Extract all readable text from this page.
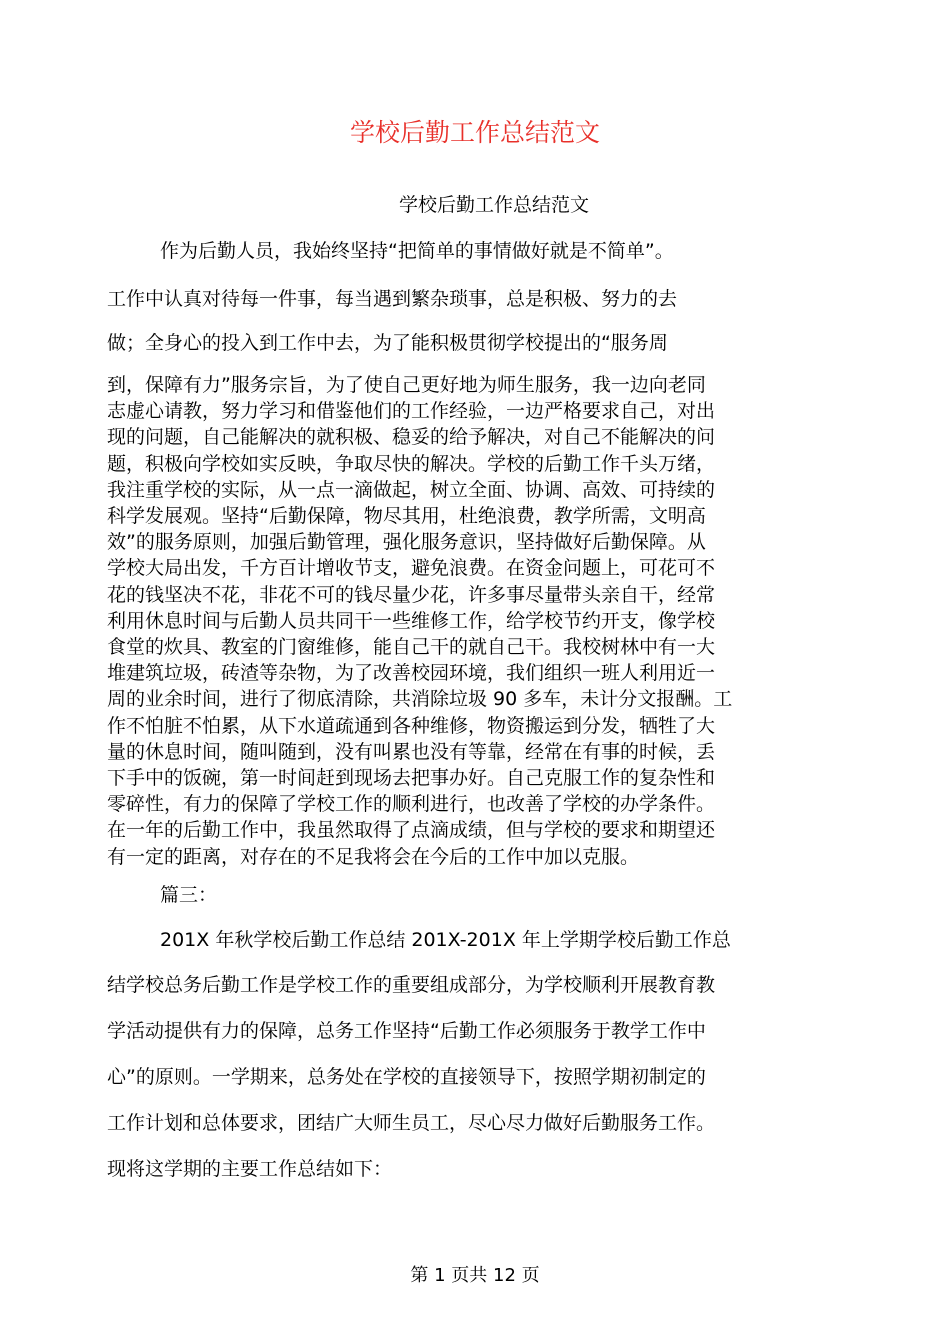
学校后勤工作总结范文
学校后勤工作总结范文
作为后勤人员，我始终坚持“把简单的事情做好就是不简单”。
工作中认真对待每一件事，每当遇到繁杂琐事，总是积极、努力的去
做；全身心的投入到工作中去，为了能积极贯彻学校提出的“服务周
到，保障有力”服务宗旨，为了使自己更好地为师生服务，我一边向老同
志虚心请教，努力学习和借鉴他们的工作经验，一边严格要求自己，对出
现的问题，自己能解决的就积极、稳妥的给予解决，对自己不能解决的问
题，积极向学校如实反映，争取尽快的解决。学校的后勤工作千头万绪，
我注重学校的实际，从一点一滴做起，树立全面、协调、高效、可持续的
科学发展观。坚持“后勤保障，物尽其用，杜绝浪费，教学所需，文明高
效”的服务原则，加强后勤管理，强化服务意识，坚持做好后勤保障。从
学校大局出发，千方百计增收节支，避免浪费。在资金问题上，可花可不
花的钱坚决不花，非花不可的钱尽量少花，许多事尽量带头亲自干，经常
利用休息时间与后勤人员共同干一些维修工作，给学校节约开支，像学校
食堂的炊具、教室的门窗维修，能自己干的就自己干。我校树林中有一大
堆建筑垃圾，砖渣等杂物，为了改善校园环境，我们组织一班人利用近一
周的业余时间，进行了彻底清除，共消除垃圾 90 多车，未计分文报酬。工
作不怕脏不怕累，从下水道疏通到各种维修，物资搬运到分发，牺牲了大
量的休息时间，随叫随到，没有叫累也没有等靠，经常在有事的时候，丢
下手中的饭碗，第一时间赶到现场去把事办好。自己克服工作的复杂性和
零碎性，有力的保障了学校工作的顺利进行，也改善了学校的办学条件。
在一年的后勤工作中，我虽然取得了点滴成绩，但与学校的要求和期望还
有一定的距离，对存在的不足我将会在今后的工作中加以克服。
篇三：
201X 年秋学校后勤工作总结 201X-201X 年上学期学校后勤工作总
结学校总务后勤工作是学校工作的重要组成部分，为学校顺利开展教育教
学活动提供有力的保障，总务工作坚持“后勤工作必须服务于教学工作中
心”的原则。一学期来，总务处在学校的直接领导下，按照学期初制定的
工作计划和总体要求，团结广大师生员工，尽心尽力做好后勤服务工作。
现将这学期的主要工作总结如下：
第 1 页共 12 页
